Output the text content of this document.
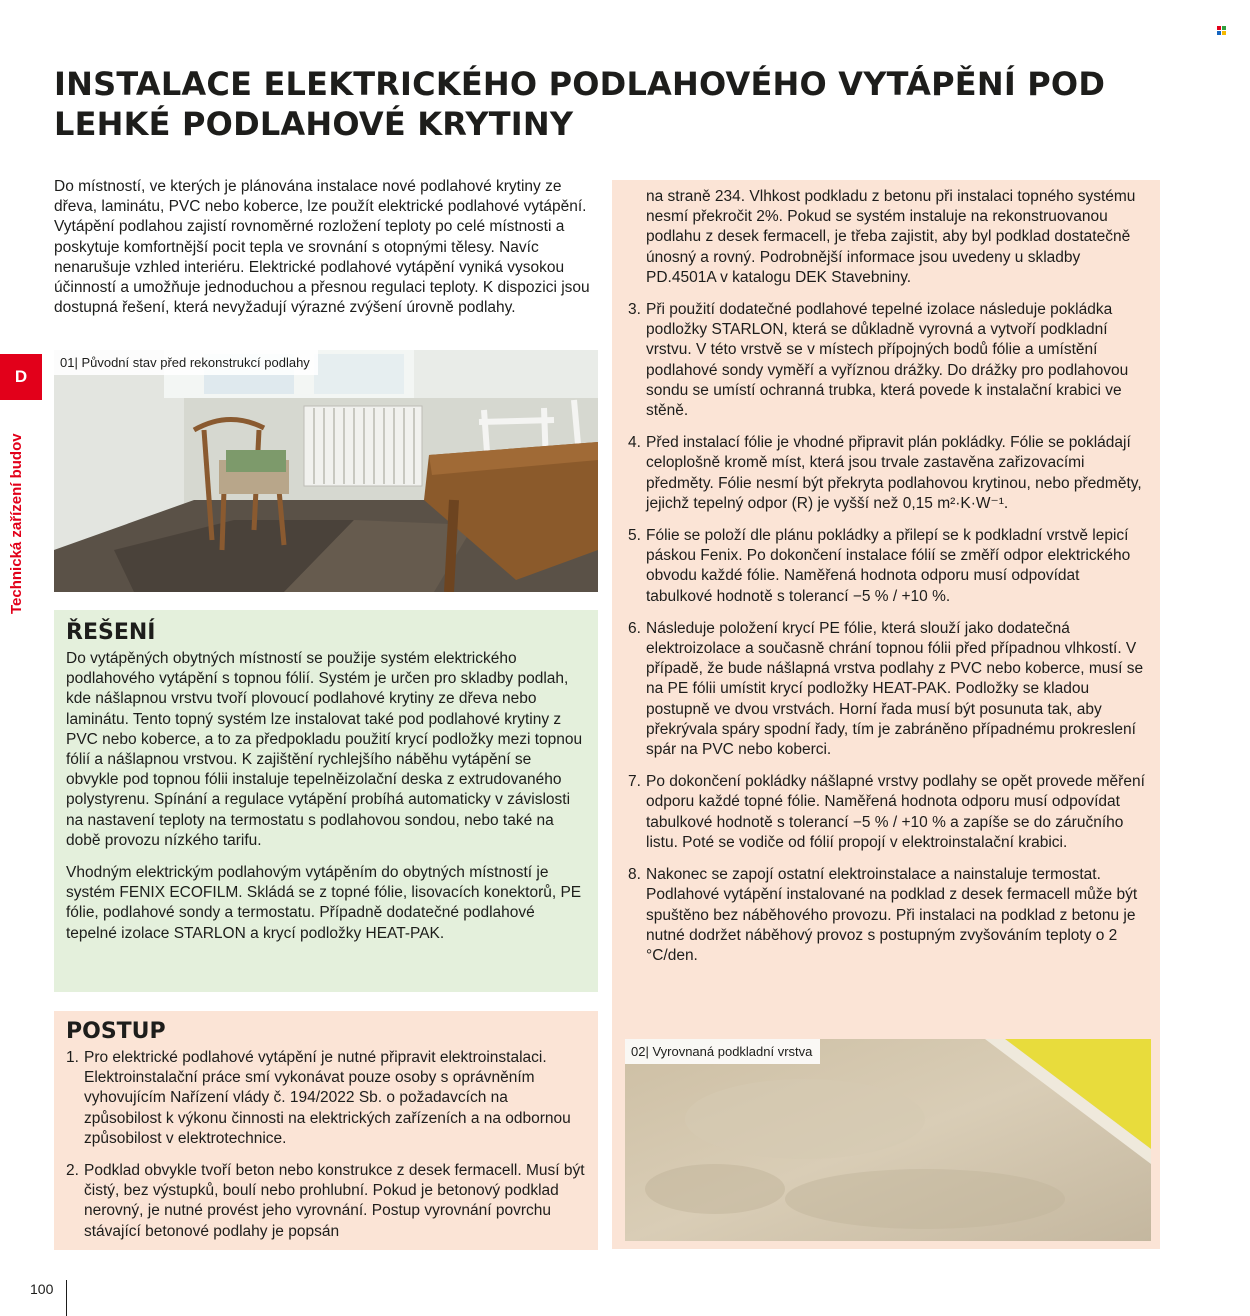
INSTALACE ELEKTRICKÉHO PODLAHOVÉHO VYTÁPĚNÍ POD LEHKÉ PODLAHOVÉ KRYTINY

Do místností, ve kterých je plánována instalace nové podlahové krytiny ze dřeva, laminátu, PVC nebo koberce, lze použít elektrické podlahové vytápění. Vytápění podlahou zajistí rovnoměrné rozložení teploty po celé místnosti a poskytuje komfortnější pocit tepla ve srovnání s otopnými tělesy. Navíc nenarušuje vzhled interiéru. Elektrické podlahové vytápění vyniká vysokou účinností a umožňuje jednoduchou a přesnou regulaci teploty. K dispozici jsou dostupná řešení, která nevyžadují výrazné zvýšení úrovně podlahy.

D
Technická zařízení budov
01| Původní stav před rekonstrukcí podlahy
ŘEŠENÍ

Do vytápěných obytných místností se použije systém elektrického podlahového vytápění s topnou fólií. Systém je určen pro skladby podlah, kde nášlapnou vrstvu tvoří plovoucí podlahové krytiny ze dřeva nebo laminátu. Tento topný systém lze instalovat také pod podlahové krytiny z PVC nebo koberce, a to za předpokladu použití krycí podložky mezi topnou fólií a nášlapnou vrstvou. K zajištění rychlejšího náběhu vytápění se obvykle pod topnou fólii instaluje tepelněizolační deska z extrudovaného polystyrenu. Spínání a regulace vytápění probíhá automaticky v závislosti na nastavení teploty na termostatu s podlahovou sondou, nebo také na době provozu nízkého tarifu.

Vhodným elektrickým podlahovým vytápěním do obytných místností je systém FENIX ECOFILM. Skládá se z topné fólie, lisovacích konektorů, PE fólie, podlahové sondy a termostatu. Případně dodatečné podlahové tepelné izolace STARLON a krycí podložky HEAT-PAK.

POSTUP
1. Pro elektrické podlahové vytápění je nutné připravit elektroinstalaci. Elektroinstalační práce smí vykonávat pouze osoby s oprávněním vyhovujícím Nařízení vlády č. 194/2022 Sb. o požadavcích na způsobilost k výkonu činnosti na elektrických zařízeních a na odbornou způsobilost v elektrotechnice.
2. Podklad obvykle tvoří beton nebo konstrukce z desek fermacell. Musí být čistý, bez výstupků, boulí nebo prohlubní. Pokud je betonový podklad nerovný, je nutné provést jeho vyrovnání. Postup vyrovnání povrchu stávající betonové podlahy je popsán

na straně 234. Vlhkost podkladu z betonu při instalaci topného systému nesmí překročit 2%. Pokud se systém instaluje na rekonstruovanou podlahu z desek fermacell, je třeba zajistit, aby byl podklad dostatečně únosný a rovný. Podrobnější informace jsou uvedeny u skladby PD.4501A v katalogu DEK Stavebniny.

3. Při použití dodatečné podlahové tepelné izolace následuje pokládka podložky STARLON, která se důkladně vyrovná a vytvoří podkladní vrstvu. V této vrstvě se v místech přípojných bodů fólie a umístění podlahové sondy vyměří a vyříznou drážky. Do drážky pro podlahovou sondu se umístí ochranná trubka, která povede k instalační krabici ve stěně.
4. Před instalací fólie je vhodné připravit plán pokládky. Fólie se pokládají celoplošně kromě míst, která jsou trvale zastavěna zařizovacími předměty. Fólie nesmí být překryta podlahovou krytinou, nebo předměty, jejichž tepelný odpor (R) je vyšší než 0,15 m²·K·W⁻¹.
5. Fólie se položí dle plánu pokládky a přilepí se k podkladní vrstvě lepicí páskou Fenix. Po dokončení instalace fólií se změří odpor elektrického obvodu každé fólie. Naměřená hodnota odporu musí odpovídat tabulkové hodnotě s tolerancí −5 % / +10 %.
6. Následuje položení krycí PE fólie, která slouží jako dodatečná elektroizolace a současně chrání topnou fólii před případnou vlhkostí. V případě, že bude nášlapná vrstva podlahy z PVC nebo koberce, musí se na PE fólii umístit krycí podložky HEAT-PAK. Podložky se kladou postupně ve dvou vrstvách. Horní řada musí být posunuta tak, aby překrývala spáry spodní řady, tím je zabráněno případnému prokreslení spár na PVC nebo koberci.
7. Po dokončení pokládky nášlapné vrstvy podlahy se opět provede měření odporu každé topné fólie. Naměřená hodnota odporu musí odpovídat tabulkové hodnotě s tolerancí −5 % / +10 % a zapíše se do záručního listu. Poté se vodiče od fólií propojí v elektroinstalační krabici.
8. Nakonec se zapojí ostatní elektroinstalace a nainstaluje termostat. Podlahové vytápění instalované na podklad z desek fermacell může být spuštěno bez náběhového provozu. Při instalaci na podklad z betonu je nutné dodržet náběhový provoz s postupným zvyšováním teploty o 2 °C/den.
02| Vyrovnaná podkladní vrstva
100
